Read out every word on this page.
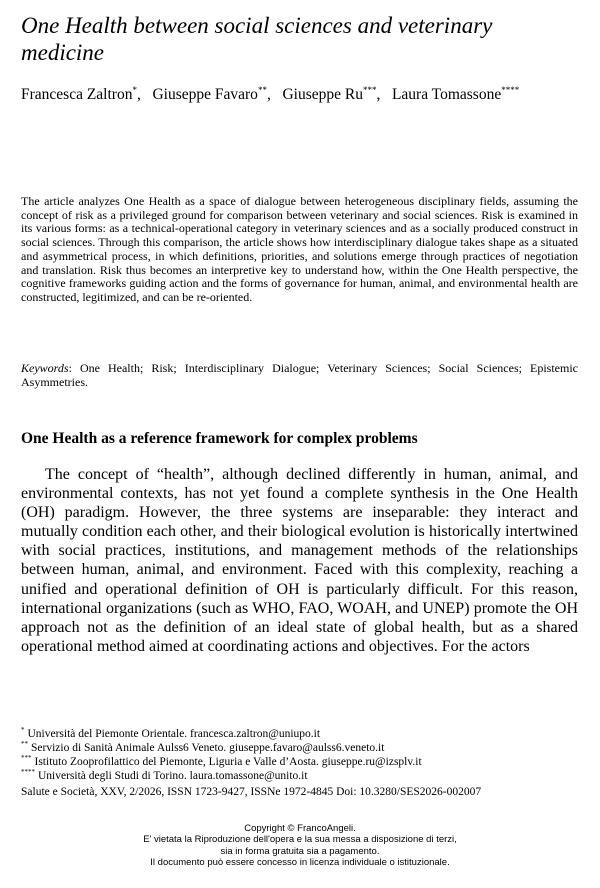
One Health between social sciences and veterinary medicine
Francesca Zaltron*,   Giuseppe Favaro**,   Giuseppe Ru***,   Laura Tomassone****

The article analyzes One Health as a space of dialogue between heterogeneous disciplinary fields, assuming the concept of risk as a privileged ground for comparison between veterinary and social sciences. Risk is examined in its various forms: as a technical-operational category in veterinary sciences and as a socially produced construct in social sciences. Through this comparison, the article shows how interdisciplinary dialogue takes shape as a situated and asymmetrical process, in which definitions, priorities, and solutions emerge through practices of negotiation and translation. Risk thus becomes an interpretive key to understand how, within the One Health perspective, the cognitive frameworks guiding action and the forms of governance for human, animal, and environmental health are constructed, legitimized, and can be re-oriented.

Keywords: One Health; Risk; Interdisciplinary Dialogue; Veterinary Sciences; Social Sciences; Epistemic Asymmetries.

One Health as a reference framework for complex problems

The concept of “health”, although declined differently in human, animal, and environmental contexts, has not yet found a complete synthesis in the One Health (OH) paradigm. However, the three systems are inseparable: they interact and mutually condition each other, and their biological evolution is historically intertwined with social practices, institutions, and management methods of the relationships between human, animal, and environment. Faced with this complexity, reaching a unified and operational definition of OH is particularly difficult. For this reason, international organizations (such as WHO, FAO, WOAH, and UNEP) promote the OH approach not as the definition of an ideal state of global health, but as a shared operational method aimed at coordinating actions and objectives. For the actors

* Università del Piemonte Orientale. francesca.zaltron@uniupo.it
** Servizio di Sanità Animale Aulss6 Veneto. giuseppe.favaro@aulss6.veneto.it
*** Istituto Zooprofilattico del Piemonte, Liguria e Valle d’Aosta. giuseppe.ru@izsplv.it
**** Università degli Studi di Torino. laura.tomassone@unito.it

Salute e Società, XXV, 2/2026, ISSN 1723-9427, ISSNe 1972-4845 Doi: 10.3280/SES2026-002007

Copyright © FrancoAngeli.
E' vietata la Riproduzione dell'opera e la sua messa a disposizione di terzi,
sia in forma gratuita sia a pagamento.
Il documento può essere concesso in licenza individuale o istituzionale.
